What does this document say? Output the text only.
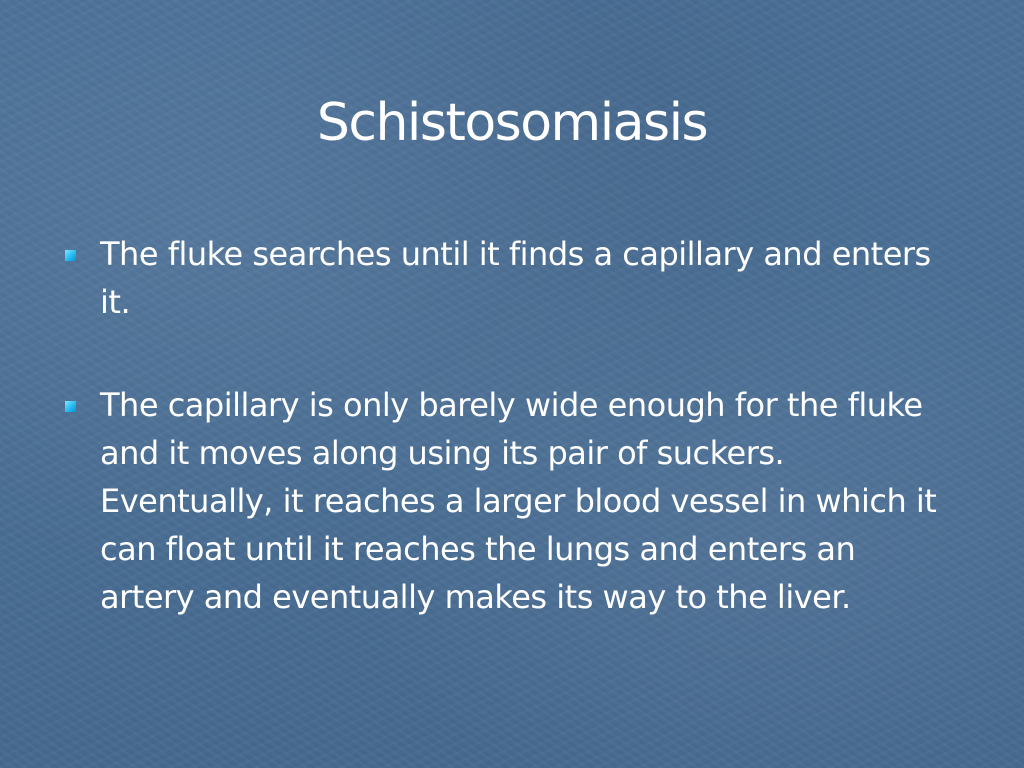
Schistosomiasis
The fluke searches until it finds a capillary and enters it.
The capillary is only barely wide enough for the fluke and it moves along using its pair of suckers.  Eventually, it reaches a larger blood vessel in which it can float until it reaches the lungs and enters an artery and eventually makes its way to the liver.
